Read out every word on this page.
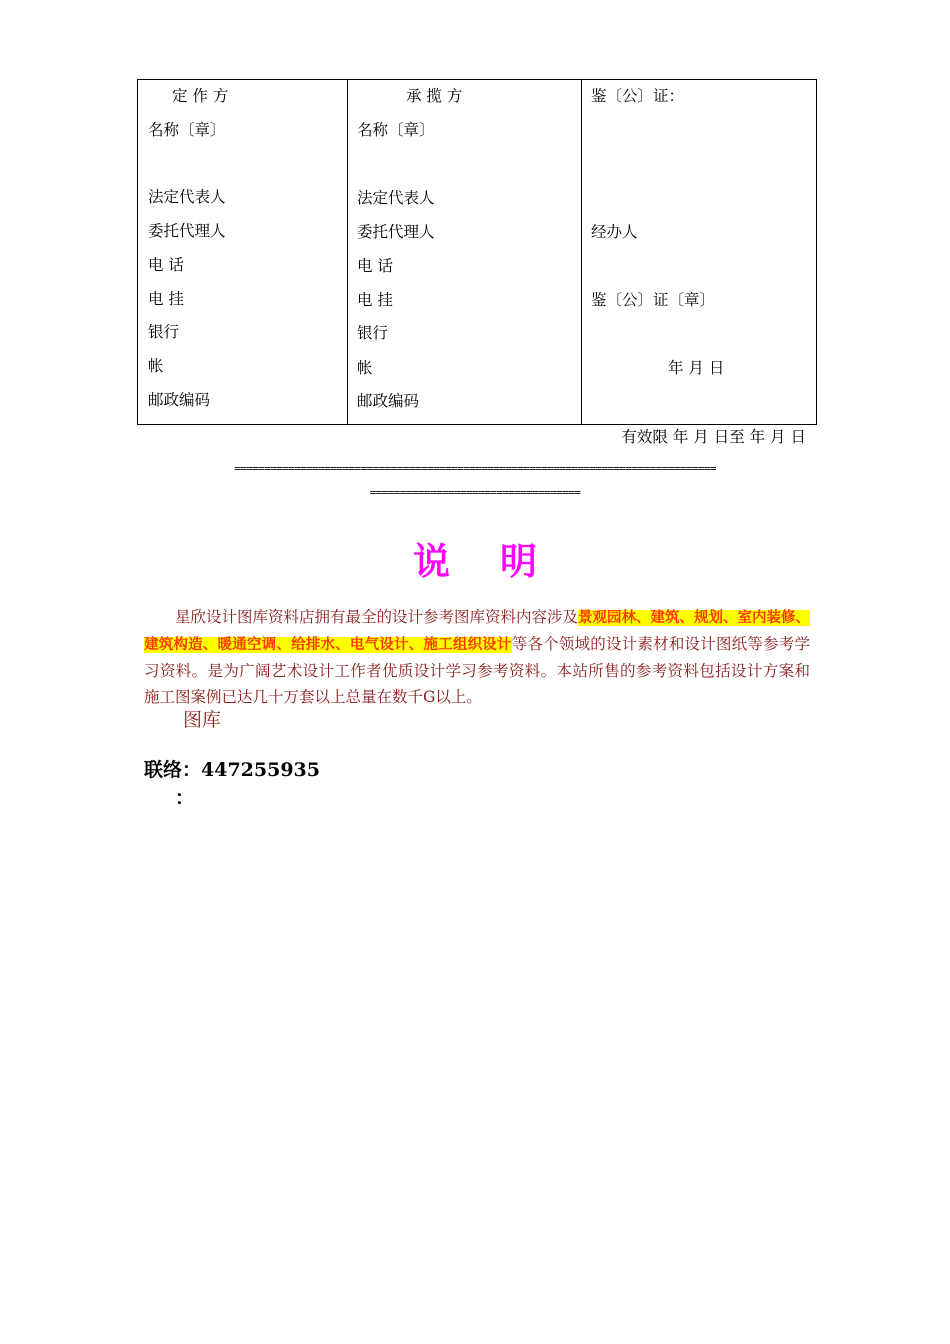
定 作 方
名称〔章〕
法定代表人
委托代理人
电 话
电 挂
银行
帐
邮政编码

承 揽 方
名称〔章〕
法定代表人
委托代理人
电 话
电 挂
银行
帐
邮政编码

鉴〔公〕证：
经办人
鉴〔公〕证〔章〕
年 月 日
有效限 年 月 日至 年 月 日
================================================================================
===================================
说明
星欣设计图库资料店拥有最全的设计参考图库资料内容涉及景观园林、建筑、规划、室内装修、建筑构造、暖通空调、给排水、电气设计、施工组织设计等各个领域的设计素材和设计图纸等参考学习资料。是为广阔艺术设计工作者优质设计学习参考资料。本站所售的参考资料包括设计方案和施工图案例已达几十万套以上总量在数千G以上。
图库
联络：447255935
：
